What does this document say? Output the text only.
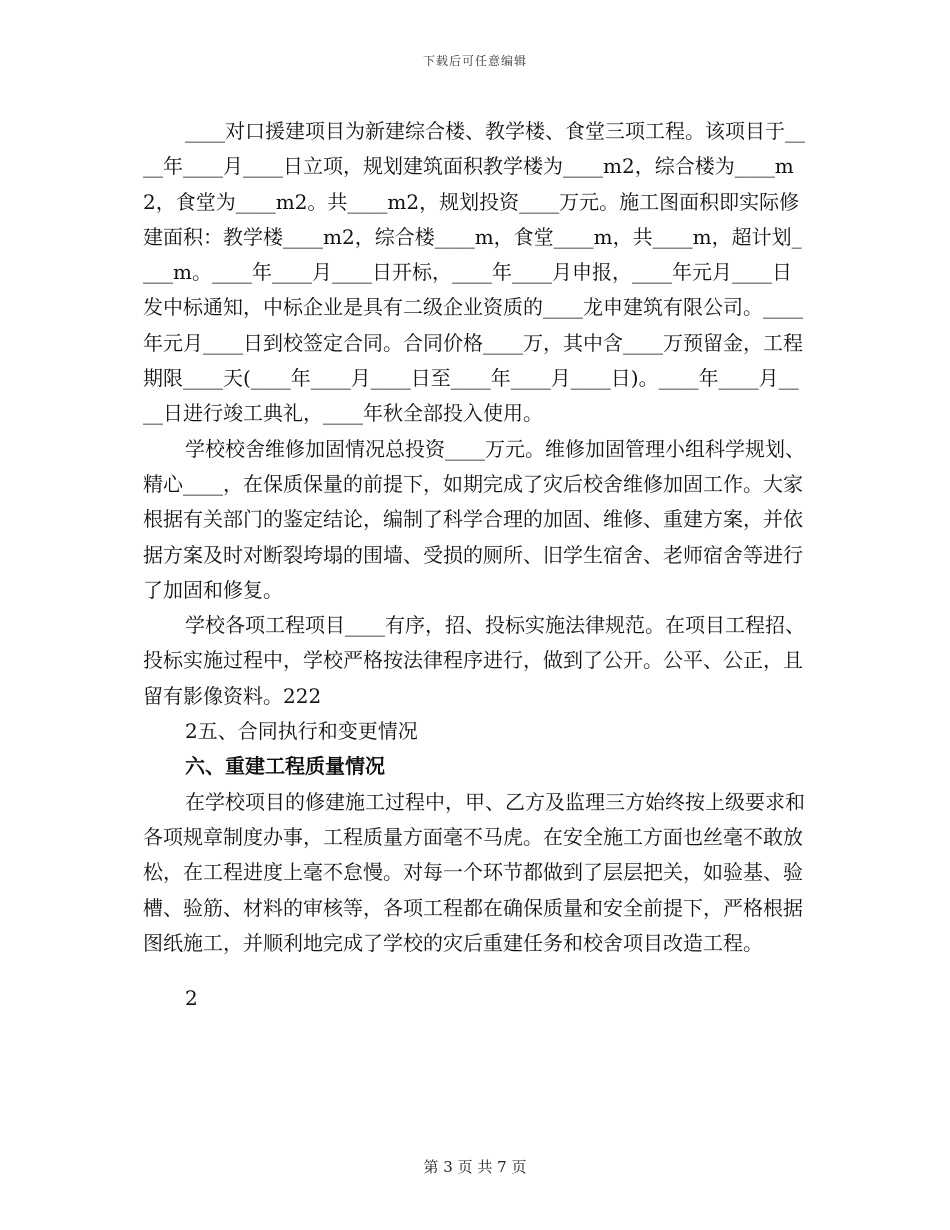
下载后可任意编辑

____对口援建项目为新建综合楼、教学楼、食堂三项工程。该项目于____年____月____日立项，规划建筑面积教学楼为____m2，综合楼为____m2，食堂为____m2。共____m2，规划投资____万元。施工图面积即实际修建面积：教学楼____m2，综合楼____m，食堂____m，共____m，超计划____m。____年____月____日开标，____年____月申报，____年元月____日发中标通知，中标企业是具有二级企业资质的____龙申建筑有限公司。____年元月____日到校签定合同。合同价格____万，其中含____万预留金，工程期限____天(____年____月____日至____年____月____日)。____年____月____日进行竣工典礼，____年秋全部投入使用。

学校校舍维修加固情况总投资____万元。维修加固管理小组科学规划、精心____，在保质保量的前提下，如期完成了灾后校舍维修加固工作。大家根据有关部门的鉴定结论，编制了科学合理的加固、维修、重建方案，并依据方案及时对断裂垮塌的围墙、受损的厕所、旧学生宿舍、老师宿舍等进行了加固和修复。

学校各项工程项目____有序，招、投标实施法律规范。在项目工程招、投标实施过程中，学校严格按法律程序进行，做到了公开。公平、公正，且留有影像资料。222

2五、合同执行和变更情况

六、重建工程质量情况

在学校项目的修建施工过程中，甲、乙方及监理三方始终按上级要求和各项规章制度办事，工程质量方面毫不马虎。在安全施工方面也丝毫不敢放松，在工程进度上毫不怠慢。对每一个环节都做到了层层把关，如验基、验槽、验筋、材料的审核等，各项工程都在确保质量和安全前提下，严格根据图纸施工，并顺利地完成了学校的灾后重建任务和校舍项目改造工程。

2

第 3 页 共 7 页
